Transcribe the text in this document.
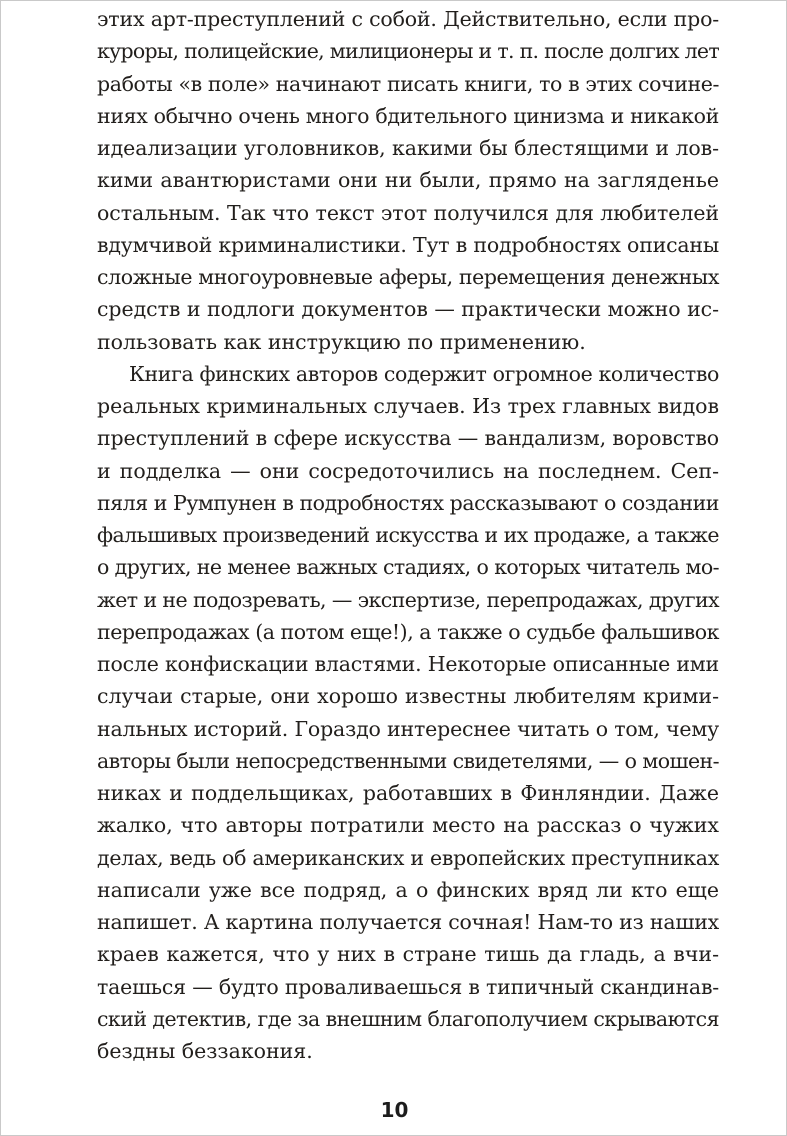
этих арт-преступлений с собой. Действительно, если про-
куроры, полицейские, милиционеры и т. п. после долгих лет
работы «в поле» начинают писать книги, то в этих сочине-
ниях обычно очень много бдительного цинизма и никакой
идеализации уголовников, какими бы блестящими и лов-
кими авантюристами они ни были, прямо на загляденье
остальным. Так что текст этот получился для любителей
вдумчивой криминалистики. Тут в подробностях описаны
сложные многоуровневые аферы, перемещения денежных
средств и подлоги документов — практически можно ис-
пользовать как инструкцию по применению.
Книга финских авторов содержит огромное количество
реальных криминальных случаев. Из трех главных видов
преступлений в сфере искусства — вандализм, воровство
и подделка — они сосредоточились на последнем. Сеп-
пяля и Румпунен в подробностях рассказывают о создании
фальшивых произведений искусства и их продаже, а также
о других, не менее важных стадиях, о которых читатель мо-
жет и не подозревать, — экспертизе, перепродажах, других
перепродажах (а потом еще!), а также о судьбе фальшивок
после конфискации властями. Некоторые описанные ими
случаи старые, они хорошо известны любителям крими-
нальных историй. Гораздо интереснее читать о том, чему
авторы были непосредственными свидетелями, — о мошен-
никах и поддельщиках, работавших в Финляндии. Даже
жалко, что авторы потратили место на рассказ о чужих
делах, ведь об американских и европейских преступниках
написали уже все подряд, а о финских вряд ли кто еще
напишет. А картина получается сочная! Нам-то из наших
краев кажется, что у них в стране тишь да гладь, а вчи-
таешься — будто проваливаешься в типичный скандинав-
ский детектив, где за внешним благополучием скрываются
бездны беззакония.
10
